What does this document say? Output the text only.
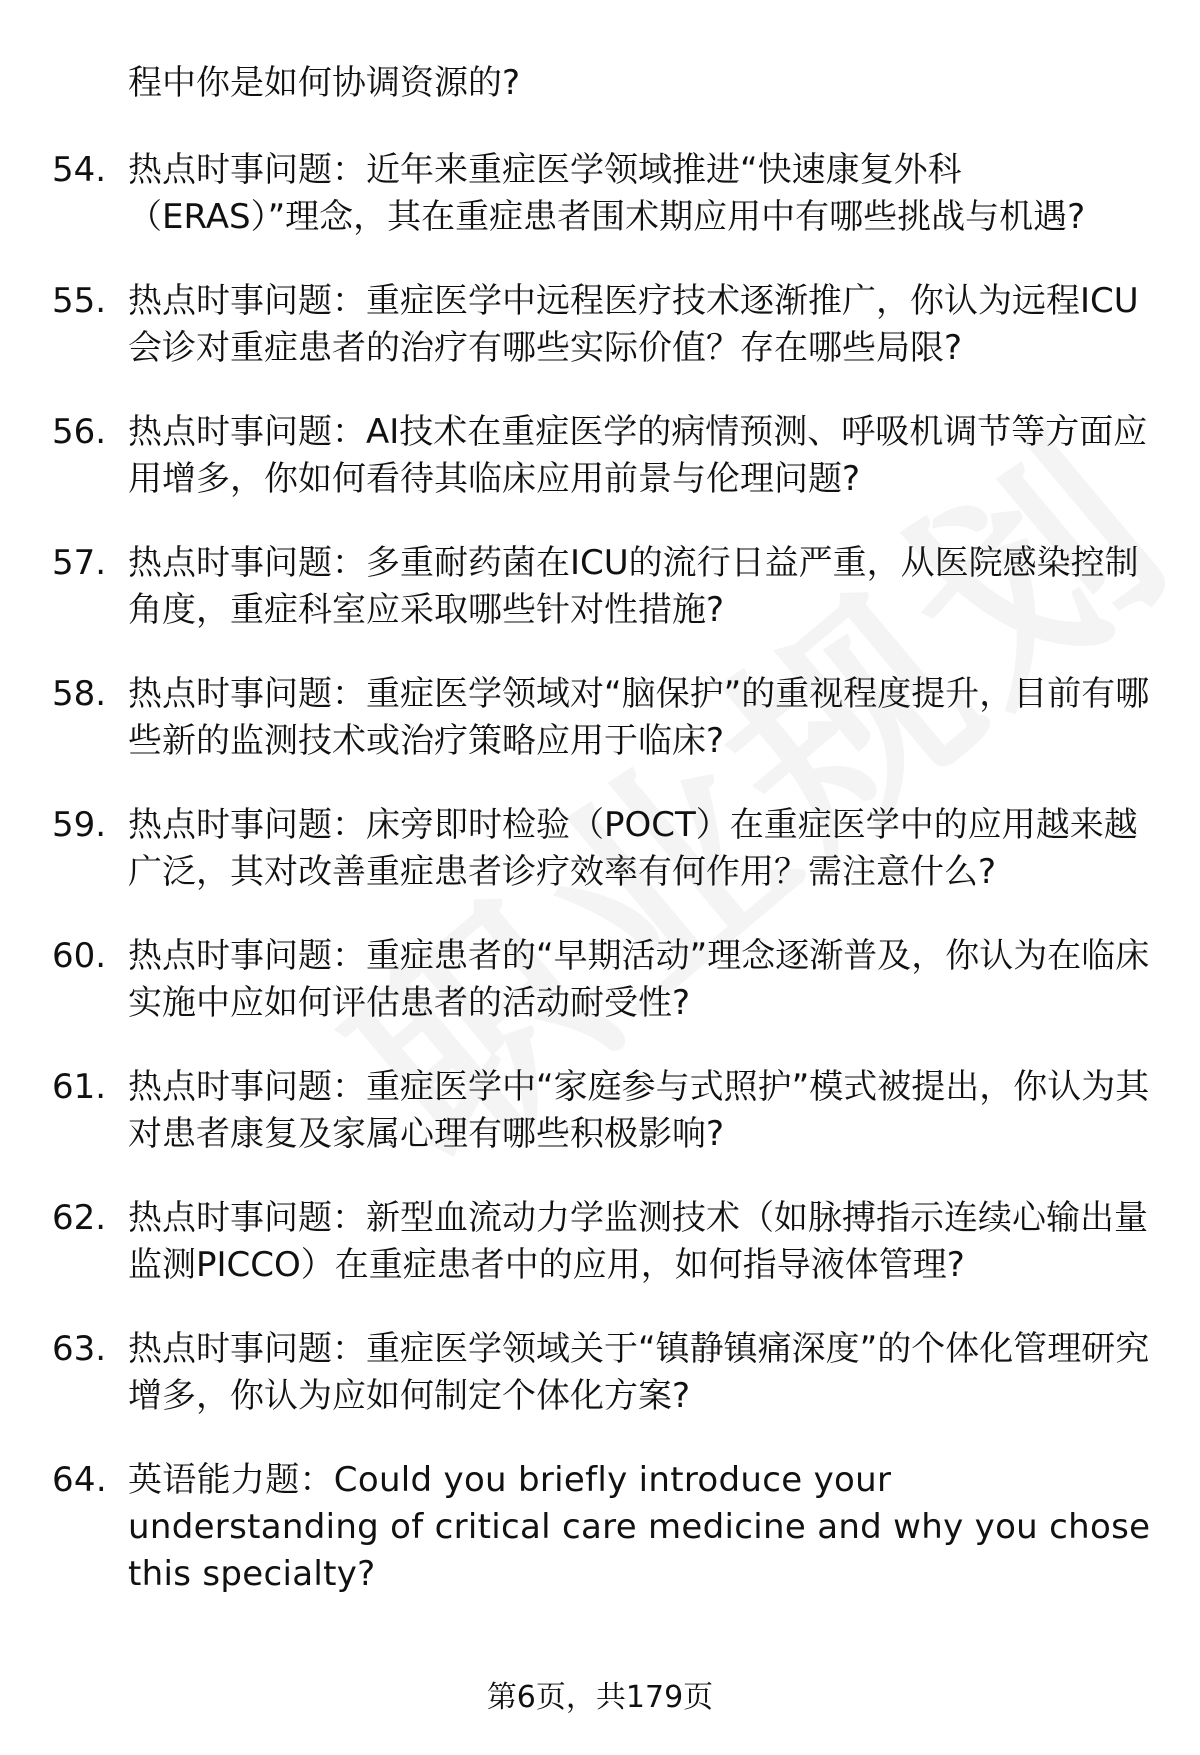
程中你是如何协调资源的?
54. 热点时事问题：近年来重症医学领域推进“快速康复外科（ERAS）”理念，其在重症患者围术期应用中有哪些挑战与机遇?
55. 热点时事问题：重症医学中远程医疗技术逐渐推广，你认为远程ICU会诊对重症患者的治疗有哪些实际价值？存在哪些局限?
56. 热点时事问题：AI技术在重症医学的病情预测、呼吸机调节等方面应用增多，你如何看待其临床应用前景与伦理问题?
57. 热点时事问题：多重耐药菌在ICU的流行日益严重，从医院感染控制角度，重症科室应采取哪些针对性措施?
58. 热点时事问题：重症医学领域对“脑保护”的重视程度提升，目前有哪些新的监测技术或治疗策略应用于临床?
59. 热点时事问题：床旁即时检验（POCT）在重症医学中的应用越来越广泛，其对改善重症患者诊疗效率有何作用？需注意什么?
60. 热点时事问题：重症患者的“早期活动”理念逐渐普及，你认为在临床实施中应如何评估患者的活动耐受性?
61. 热点时事问题：重症医学中“家庭参与式照护”模式被提出，你认为其对患者康复及家属心理有哪些积极影响?
62. 热点时事问题：新型血流动力学监测技术（如脉搏指示连续心输出量监测PICCO）在重症患者中的应用，如何指导液体管理?
63. 热点时事问题：重症医学领域关于“镇静镇痛深度”的个体化管理研究增多，你认为应如何制定个体化方案?
64. 英语能力题：Could you briefly introduce your understanding of critical care medicine and why you chose this specialty?
第6页，共179页
